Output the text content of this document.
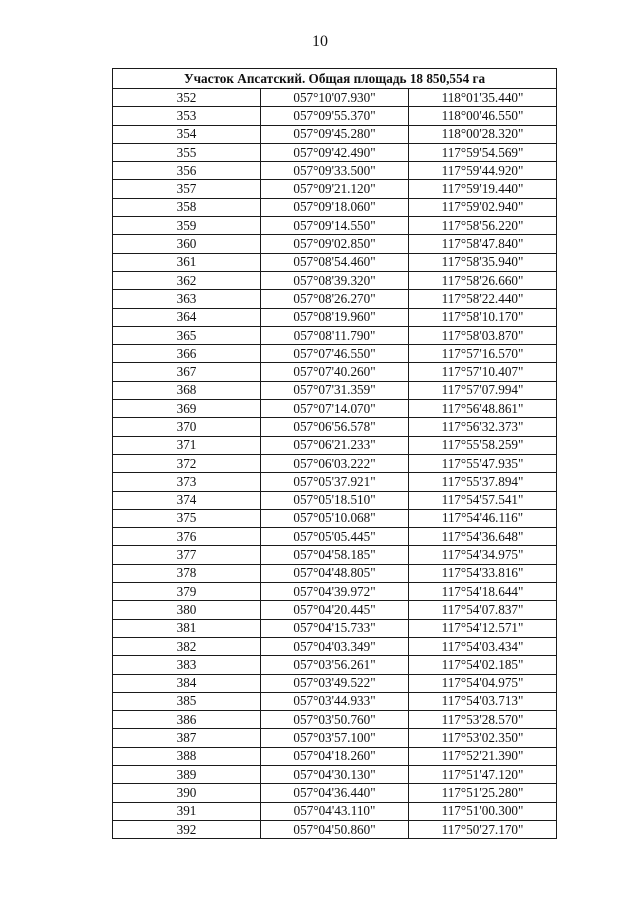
10
Участок Апсатский. Общая площадь 18 850,554 га		
352	057°10'07.930"	118°01'35.440"
353	057°09'55.370"	118°00'46.550"
354	057°09'45.280"	118°00'28.320"
355	057°09'42.490"	117°59'54.569"
356	057°09'33.500"	117°59'44.920"
357	057°09'21.120"	117°59'19.440"
358	057°09'18.060"	117°59'02.940"
359	057°09'14.550"	117°58'56.220"
360	057°09'02.850"	117°58'47.840"
361	057°08'54.460"	117°58'35.940"
362	057°08'39.320"	117°58'26.660"
363	057°08'26.270"	117°58'22.440"
364	057°08'19.960"	117°58'10.170"
365	057°08'11.790"	117°58'03.870"
366	057°07'46.550"	117°57'16.570"
367	057°07'40.260"	117°57'10.407"
368	057°07'31.359"	117°57'07.994"
369	057°07'14.070"	117°56'48.861"
370	057°06'56.578"	117°56'32.373"
371	057°06'21.233"	117°55'58.259"
372	057°06'03.222"	117°55'47.935"
373	057°05'37.921"	117°55'37.894"
374	057°05'18.510"	117°54'57.541"
375	057°05'10.068"	117°54'46.116"
376	057°05'05.445"	117°54'36.648"
377	057°04'58.185"	117°54'34.975"
378	057°04'48.805"	117°54'33.816"
379	057°04'39.972"	117°54'18.644"
380	057°04'20.445"	117°54'07.837"
381	057°04'15.733"	117°54'12.571"
382	057°04'03.349"	117°54'03.434"
383	057°03'56.261"	117°54'02.185"
384	057°03'49.522"	117°54'04.975"
385	057°03'44.933"	117°54'03.713"
386	057°03'50.760"	117°53'28.570"
387	057°03'57.100"	117°53'02.350"
388	057°04'18.260"	117°52'21.390"
389	057°04'30.130"	117°51'47.120"
390	057°04'36.440"	117°51'25.280"
391	057°04'43.110"	117°51'00.300"
392	057°04'50.860"	117°50'27.170"
